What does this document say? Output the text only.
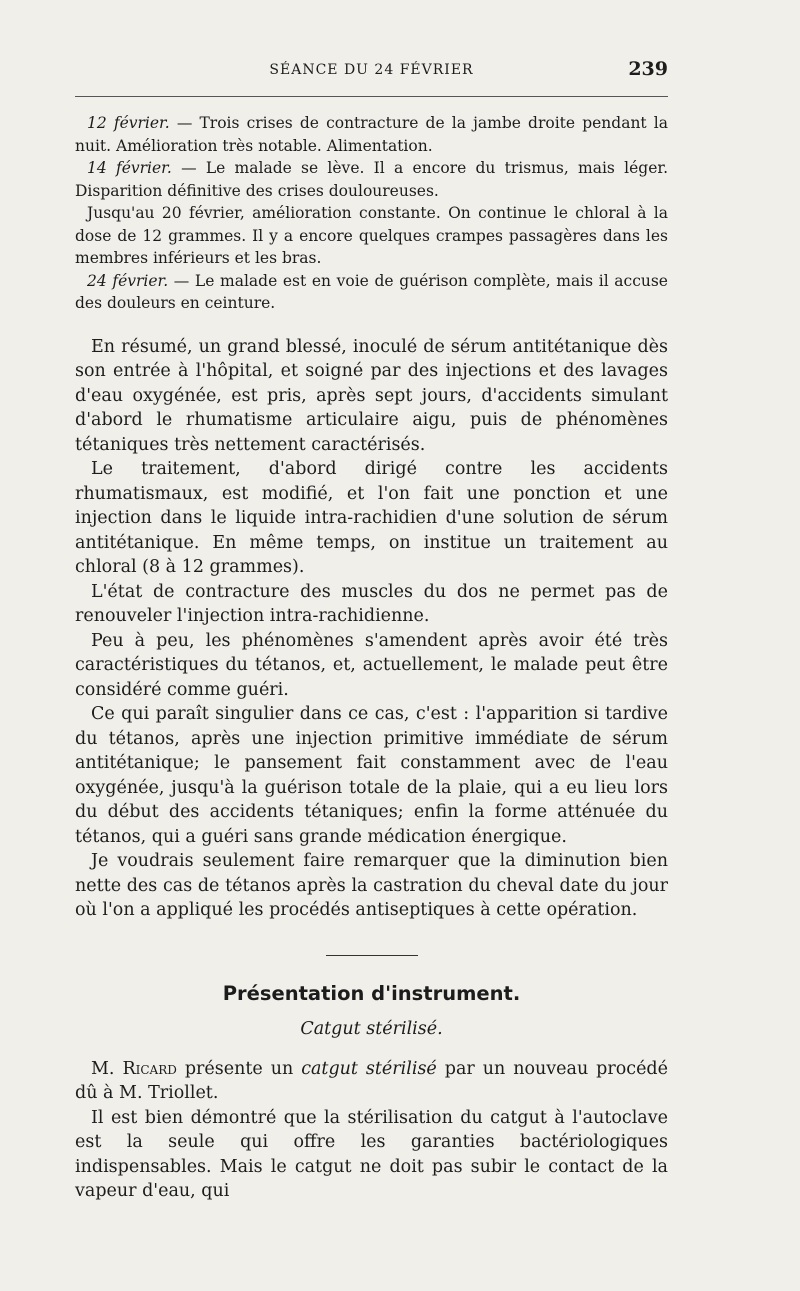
SÉANCE DU 24 FÉVRIER	239

12 février. — Trois crises de contracture de la jambe droite pendant la nuit. Amélioration très notable. Alimentation.

14 février. — Le malade se lève. Il a encore du trismus, mais léger. Disparition définitive des crises douloureuses.

Jusqu'au 20 février, amélioration constante. On continue le chloral à la dose de 12 grammes. Il y a encore quelques crampes passagères dans les membres inférieurs et les bras.

24 février. — Le malade est en voie de guérison complète, mais il accuse des douleurs en ceinture.

En résumé, un grand blessé, inoculé de sérum antitétanique dès son entrée à l'hôpital, et soigné par des injections et des lavages d'eau oxygénée, est pris, après sept jours, d'accidents simulant d'abord le rhumatisme articulaire aigu, puis de phénomènes tétaniques très nettement caractérisés.

Le traitement, d'abord dirigé contre les accidents rhumatismaux, est modifié, et l'on fait une ponction et une injection dans le liquide intra-rachidien d'une solution de sérum antitétanique. En même temps, on institue un traitement au chloral (8 à 12 grammes).

L'état de contracture des muscles du dos ne permet pas de renouveler l'injection intra-rachidienne.

Peu à peu, les phénomènes s'amendent après avoir été très caractéristiques du tétanos, et, actuellement, le malade peut être considéré comme guéri.

Ce qui paraît singulier dans ce cas, c'est : l'apparition si tardive du tétanos, après une injection primitive immédiate de sérum antitétanique; le pansement fait constamment avec de l'eau oxygénée, jusqu'à la guérison totale de la plaie, qui a eu lieu lors du début des accidents tétaniques; enfin la forme atténuée du tétanos, qui a guéri sans grande médication énergique.

Je voudrais seulement faire remarquer que la diminution bien nette des cas de tétanos après la castration du cheval date du jour où l'on a appliqué les procédés antiseptiques à cette opération.

Présentation d'instrument.
Catgut stérilisé.

M. Ricard présente un catgut stérilisé par un nouveau procédé dû à M. Triollet.

Il est bien démontré que la stérilisation du catgut à l'autoclave est la seule qui offre les garanties bactériologiques indispensables. Mais le catgut ne doit pas subir le contact de la vapeur d'eau, qui
